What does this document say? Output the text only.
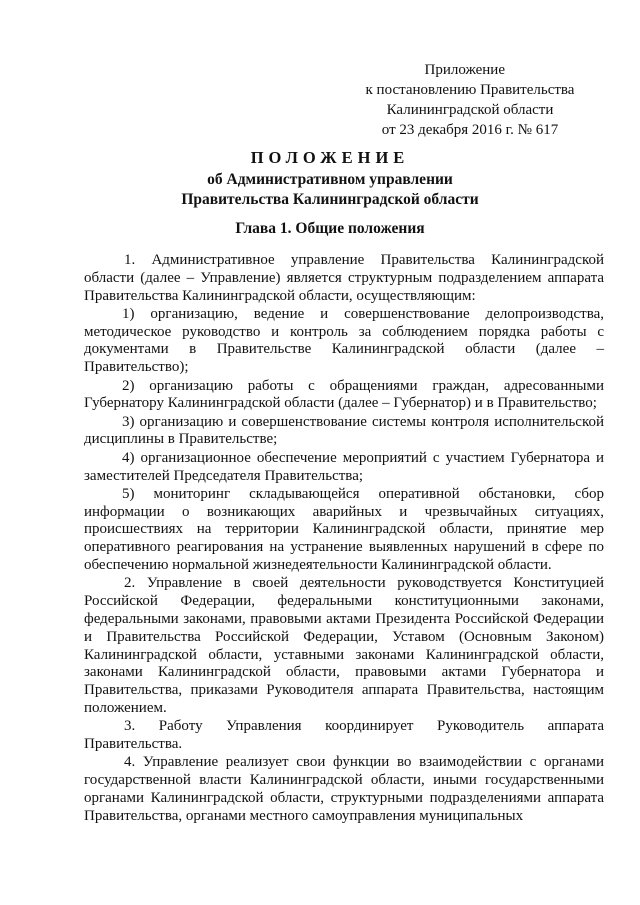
Приложение
к постановлению Правительства
Калининградской области
от 23 декабря 2016 г. № 617
ПОЛОЖЕНИЕ
об Административном управлении
Правительства Калининградской области
Глава 1. Общие положения

1. Административное управление Правительства Калининградской области (далее – Управление) является структурным подразделением аппарата Правительства Калининградской области, осуществляющим:

1) организацию, ведение и совершенствование делопроизводства, методическое руководство и контроль за соблюдением порядка работы с документами в Правительстве Калининградской области (далее – Правительство);

2) организацию работы с обращениями граждан, адресованными Губернатору Калининградской области (далее – Губернатор) и в Правительство;

3) организацию и совершенствование системы контроля исполнительской дисциплины в Правительстве;

4) организационное обеспечение мероприятий с участием Губернатора и заместителей Председателя Правительства;

5) мониторинг складывающейся оперативной обстановки, сбор информации о возникающих аварийных и чрезвычайных ситуациях, происшествиях на территории Калининградской области, принятие мер оперативного реагирования на устранение выявленных нарушений в сфере по обеспечению нормальной жизнедеятельности Калининградской области.

2. Управление в своей деятельности руководствуется Конституцией Российской Федерации, федеральными конституционными законами, федеральными законами, правовыми актами Президента Российской Федерации и Правительства Российской Федерации, Уставом (Основным Законом) Калининградской области, уставными законами Калининградской области, законами Калининградской области, правовыми актами Губернатора и Правительства, приказами Руководителя аппарата Правительства, настоящим положением.

3. Работу Управления координирует Руководитель аппарата Правительства.

4. Управление реализует свои функции во взаимодействии с органами государственной власти Калининградской области, иными государственными органами Калининградской области, структурными подразделениями аппарата Правительства, органами местного самоуправления муниципальных
